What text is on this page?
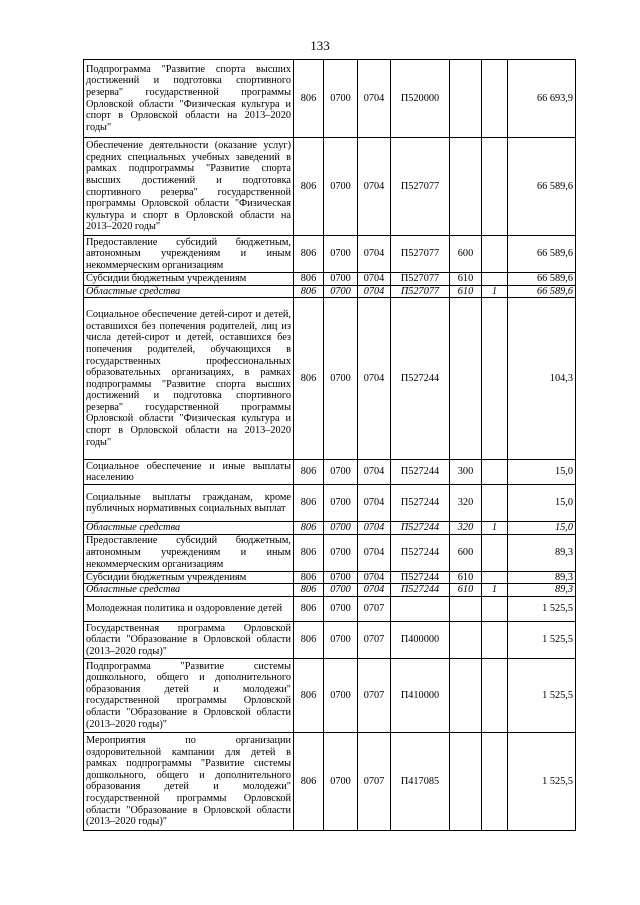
133
Подпрограмма "Развитие спорта высших достижений и подготовка спортивного резерва" государственной программы Орловской области "Физическая культура и спорт в Орловской области на 2013–2020 годы"	806	0700	0704	П520000			66 693,9
Обеспечение деятельности (оказание услуг) средних специальных учебных заведений в рамках подпрограммы "Развитие спорта высших достижений и подготовка спортивного резерва" государственной программы Орловской области "Физическая культура и спорт в Орловской области на 2013–2020 годы"	806	0700	0704	П527077			66 589,6
Предоставление субсидий бюджетным, автономным учреждениям и иным некоммерческим организациям	806	0700	0704	П527077	600		66 589,6
Субсидии бюджетным учреждениям	806	0700	0704	П527077	610		66 589,6
Областные средства	806	0700	0704	П527077	610	1	66 589,6
Социальное обеспечение детей-сирот и детей, оставшихся без попечения родителей, лиц из числа детей-сирот и детей, оставшихся без попечения родителей, обучающихся в государственных профессиональных образовательных организациях, в рамках подпрограммы "Развитие спорта высших достижений и подготовка спортивного резерва" государственной программы Орловской области "Физическая культура и спорт в Орловской области на 2013–2020 годы"	806	0700	0704	П527244			104,3
Социальное обеспечение и иные выплаты населению	806	0700	0704	П527244	300		15,0
Социальные выплаты гражданам, кроме публичных нормативных социальных выплат	806	0700	0704	П527244	320		15,0
Областные средства	806	0700	0704	П527244	320	1	15,0
Предоставление субсидий бюджетным, автономным учреждениям и иным некоммерческим организациям	806	0700	0704	П527244	600		89,3
Субсидии бюджетным учреждениям	806	0700	0704	П527244	610		89,3
Областные средства	806	0700	0704	П527244	610	1	89,3
Молодежная политика и оздоровление детей	806	0700	0707				1 525,5
Государственная программа Орловской области "Образование в Орловской области (2013–2020 годы)"	806	0700	0707	П400000			1 525,5
Подпрограмма "Развитие системы дошкольного, общего и дополнительного образования детей и молодежи" государственной программы Орловской области "Образование в Орловской области (2013–2020 годы)"	806	0700	0707	П410000			1 525,5
Мероприятия по организации оздоровительной кампании для детей в рамках подпрограммы "Развитие системы дошкольного, общего и дополнительного образования детей и молодежи" государственной программы Орловской области "Образование в Орловской области (2013–2020 годы)"	806	0700	0707	П417085			1 525,5
